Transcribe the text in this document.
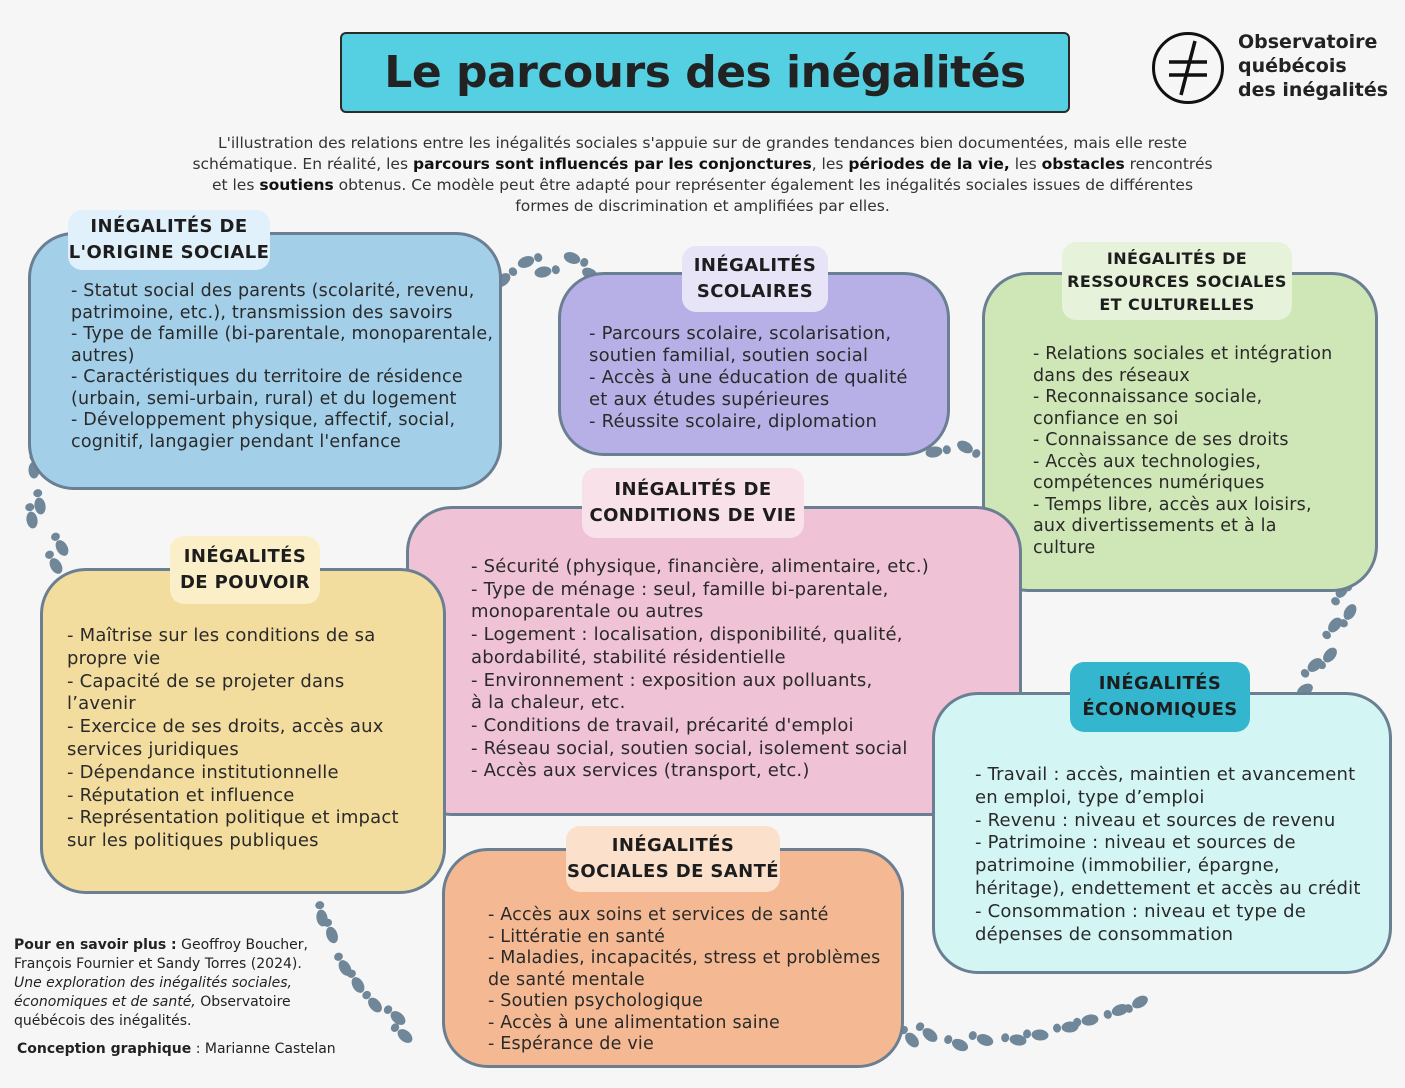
Le parcours des inégalités
Observatoire
québécois
des inégalités
L'illustration des relations entre les inégalités sociales s'appuie sur de grandes tendances bien documentées, mais elle reste schématique. En réalité, les parcours sont influencés par les conjonctures, les périodes de la vie, les obstacles rencontrés et les soutiens obtenus. Ce modèle peut être adapté pour représenter également les inégalités sociales issues de différentes formes de discrimination et amplifiées par elles.
INÉGALITÉS DE
L'ORIGINE SOCIALE
- Statut social des parents (scolarité, revenu,
patrimoine, etc.), transmission des savoirs
- Type de famille (bi-parentale, monoparentale,
autres)
- Caractéristiques du territoire de résidence
(urbain, semi-urbain, rural) et du logement
- Développement physique, affectif, social,
cognitif, langagier pendant l'enfance
INÉGALITÉS
SCOLAIRES
- Parcours scolaire, scolarisation,
soutien familial, soutien social
- Accès à une éducation de qualité
et aux études supérieures
- Réussite scolaire, diplomation
INÉGALITÉS DE
RESSOURCES SOCIALES
ET CULTURELLES
- Relations sociales et intégration
dans des réseaux
- Reconnaissance sociale,
confiance en soi
- Connaissance de ses droits
- Accès aux technologies,
compétences numériques
- Temps libre, accès aux loisirs,
aux divertissements et à la
culture
INÉGALITÉS DE
CONDITIONS DE VIE
- Sécurité (physique, financière, alimentaire, etc.)
- Type de ménage : seul, famille bi-parentale,
monoparentale ou autres
- Logement : localisation, disponibilité, qualité,
abordabilité, stabilité résidentielle
- Environnement : exposition aux polluants,
à la chaleur, etc.
- Conditions de travail, précarité d'emploi
- Réseau social, soutien social, isolement social
- Accès aux services (transport, etc.)
INÉGALITÉS
DE POUVOIR
- Maîtrise sur les conditions de sa
propre vie
- Capacité de se projeter dans
l’avenir
- Exercice de ses droits, accès aux
services juridiques
- Dépendance institutionnelle
- Réputation et influence
- Représentation politique et impact
sur les politiques publiques
INÉGALITÉS
ÉCONOMIQUES
- Travail : accès, maintien et avancement
en emploi, type d’emploi
- Revenu : niveau et sources de revenu
- Patrimoine : niveau et sources de
patrimoine (immobilier, épargne,
héritage), endettement et accès au crédit
- Consommation : niveau et type de
dépenses de consommation
INÉGALITÉS
SOCIALES DE SANTÉ
- Accès aux soins et services de santé
- Littératie en santé
- Maladies, incapacités, stress et problèmes
de santé mentale
- Soutien psychologique
- Accès à une alimentation saine
- Espérance de vie
Pour en savoir plus : Geoffroy Boucher, François Fournier et Sandy Torres (2024). Une exploration des inégalités sociales, économiques et de santé, Observatoire québécois des inégalités.
Conception graphique : Marianne Castelan
